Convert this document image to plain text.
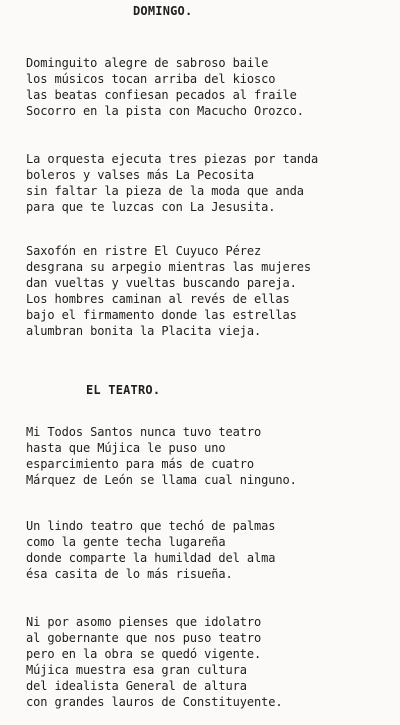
DOMINGO.
Dominguito alegre de sabroso baile
los músicos tocan arriba del kiosco
las beatas confiesan pecados al fraile
Socorro en la pista con Macucho Orozco.
La orquesta ejecuta tres piezas por tanda
boleros y valses más La Pecosita
sin faltar la pieza de la moda que anda
para que te luzcas con La Jesusita.
Saxofón en ristre El Cuyuco Pérez
desgrana su arpegio mientras las mujeres
dan vueltas y vueltas buscando pareja.
Los hombres caminan al revés de ellas
bajo el firmamento donde las estrellas
alumbran bonita la Placita vieja.
EL TEATRO.
Mi Todos Santos nunca tuvo teatro
hasta que Mújica le puso uno
esparcimiento para más de cuatro
Márquez de León se llama cual ninguno.
Un lindo teatro que techó de palmas
como la gente techa lugareña
donde comparte la humildad del alma
ésa casita de lo más risueña.
Ni por asomo pienses que idolatro
al gobernante que nos puso teatro
pero en la obra se quedó vigente.
Mújica muestra esa gran cultura
del idealista General de altura
con grandes lauros de Constituyente.
